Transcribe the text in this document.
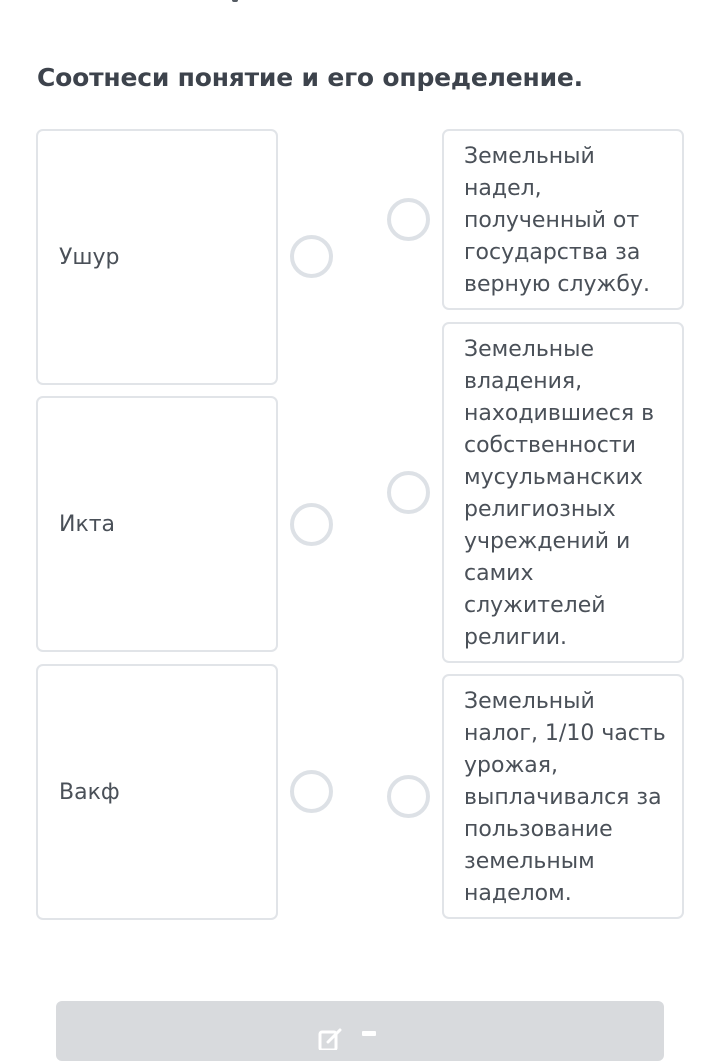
Соотнеси понятие и его определение.
Ушур
Икта
Вакф
Земельный
надел,
полученный от
государства за
верную службу.
Земельные
владения,
находившиеся в
собственности
мусульманских
религиозных
учреждений и
самих
служителей
религии.
Земельный
налог, 1/10 часть
урожая,
выплачивался за
пользование
земельным
наделом.
